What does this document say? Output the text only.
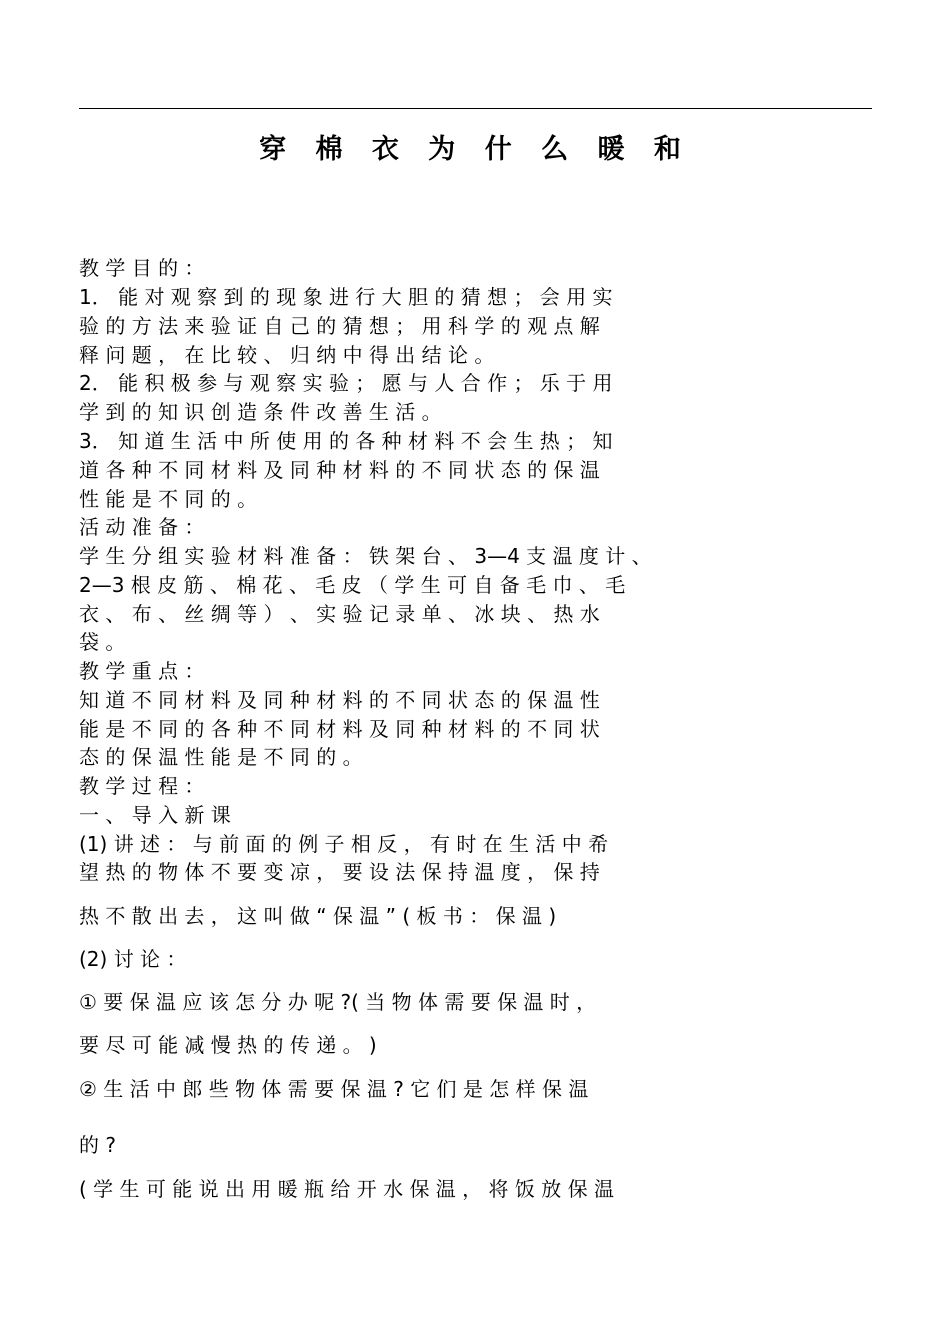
穿 棉 衣 为 什 么 暖 和
教 学 目 的 ：
1． 能 对 观 察 到 的 现 象 进 行 大 胆 的 猜 想 ； 会 用 实
验 的 方 法 来 验 证 自 己 的 猜 想 ； 用 科 学 的 观 点 解
释 问 题 ， 在 比 较 、 归 纳 中 得 出 结 论 。
2． 能 积 极 参 与 观 察 实 验 ； 愿 与 人 合 作 ； 乐 于 用
学 到 的 知 识 创 造 条 件 改 善 生 活 。
3． 知 道 生 活 中 所 使 用 的 各 种 材 料 不 会 生 热 ； 知
道 各 种 不 同 材 料 及 同 种 材 料 的 不 同 状 态 的 保 温
性 能 是 不 同 的 。
活 动 准 备 ：
学 生 分 组 实 验 材 料 准 备 ： 铁 架 台 、 3—4 支 温 度 计 、
2—3 根 皮 筋 、 棉 花 、 毛 皮 （ 学 生 可 自 备 毛 巾 、 毛
衣 、 布 、 丝 绸 等 ） 、 实 验 记 录 单 、 冰 块 、 热 水
袋 。
教 学 重 点 ：
知 道 不 同 材 料 及 同 种 材 料 的 不 同 状 态 的 保 温 性
能 是 不 同 的 各 种 不 同 材 料 及 同 种 材 料 的 不 同 状
态 的 保 温 性 能 是 不 同 的 。
教 学 过 程 ：
一 、 导 入 新 课
(1) 讲 述 ： 与 前 面 的 例 子 相 反 ， 有 时 在 生 活 中 希
望 热 的 物 体 不 要 变 凉 ， 要 设 法 保 持 温 度 ， 保 持
热 不 散 出 去 ， 这 叫 做 “ 保 温 ” ( 板 书 ： 保 温 )
(2) 讨 论 ：
① 要 保 温 应 该 怎 分 办 呢 ?( 当 物 体 需 要 保 温 时 ，
要 尽 可 能 减 慢 热 的 传 递 。 )
② 生 活 中 郎 些 物 体 需 要 保 温 ? 它 们 是 怎 样 保 温
的 ?
( 学 生 可 能 说 出 用 暖 瓶 给 开 水 保 温 ， 将 饭 放 保 温
